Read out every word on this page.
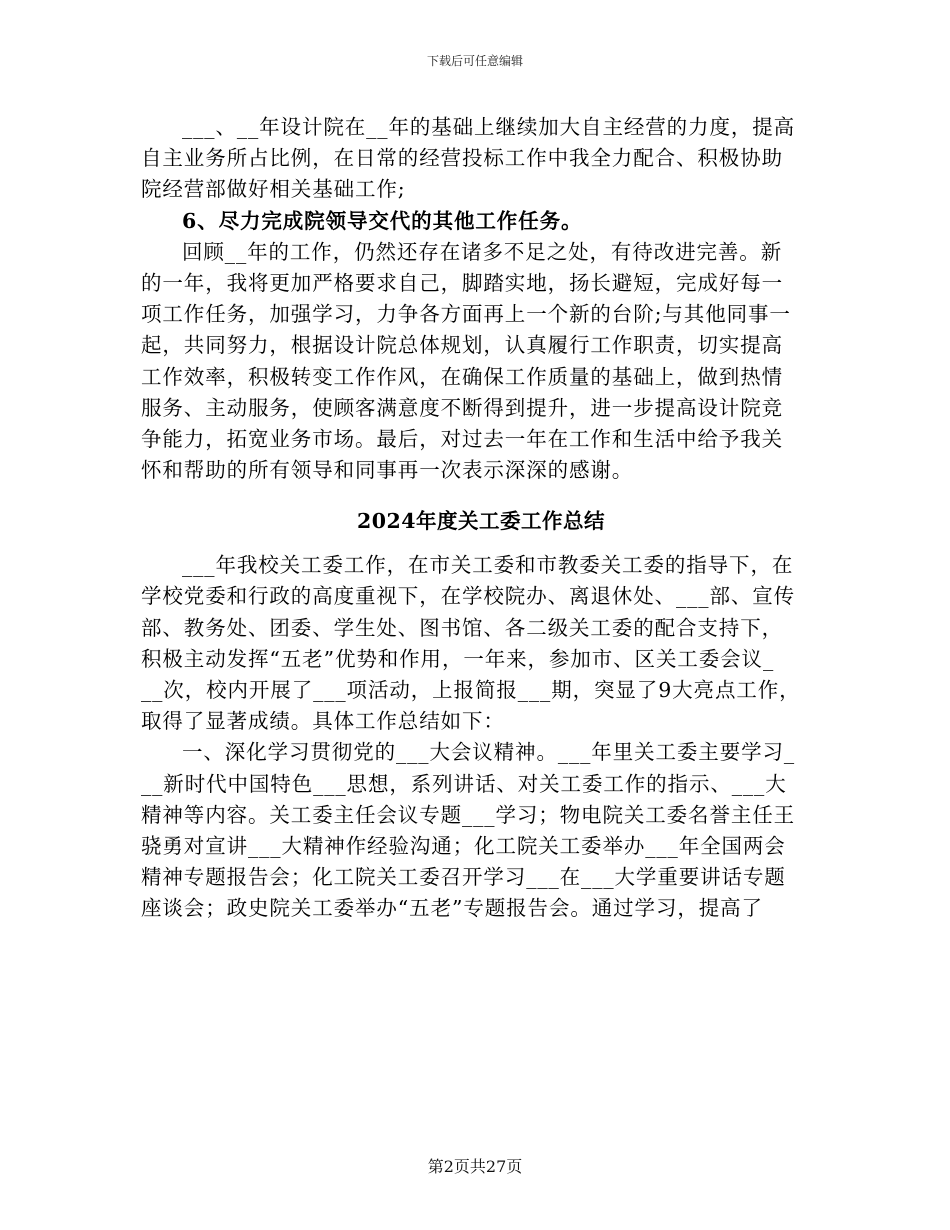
下载后可任意编辑
___、__年设计院在__年的基础上继续加大自主经营的力度，提高
自主业务所占比例，在日常的经营投标工作中我全力配合、积极协助
院经营部做好相关基础工作;
6、尽力完成院领导交代的其他工作任务。
回顾__年的工作，仍然还存在诸多不足之处，有待改进完善。新
的一年，我将更加严格要求自己，脚踏实地，扬长避短，完成好每一
项工作任务，加强学习，力争各方面再上一个新的台阶;与其他同事一
起，共同努力，根据设计院总体规划，认真履行工作职责，切实提高
工作效率，积极转变工作作风，在确保工作质量的基础上，做到热情
服务、主动服务，使顾客满意度不断得到提升，进一步提高设计院竞
争能力，拓宽业务市场。最后，对过去一年在工作和生活中给予我关
怀和帮助的所有领导和同事再一次表示深深的感谢。
2024年度关工委工作总结
___年我校关工委工作，在市关工委和市教委关工委的指导下，在
学校党委和行政的高度重视下，在学校院办、离退休处、___部、宣传
部、教务处、团委、学生处、图书馆、各二级关工委的配合支持下，
积极主动发挥“五老”优势和作用，一年来，参加市、区关工委会议_
__次，校内开展了___项活动，上报简报___期，突显了9大亮点工作，
取得了显著成绩。具体工作总结如下：
一、深化学习贯彻党的___大会议精神。___年里关工委主要学习_
__新时代中国特色___思想，系列讲话、对关工委工作的指示、___大
精神等内容。关工委主任会议专题___学习；物电院关工委名誉主任王
骁勇对宣讲___大精神作经验沟通；化工院关工委举办___年全国两会
精神专题报告会；化工院关工委召开学习___在___大学重要讲话专题
座谈会；政史院关工委举办“五老”专题报告会。通过学习，提高了
第2页共27页
